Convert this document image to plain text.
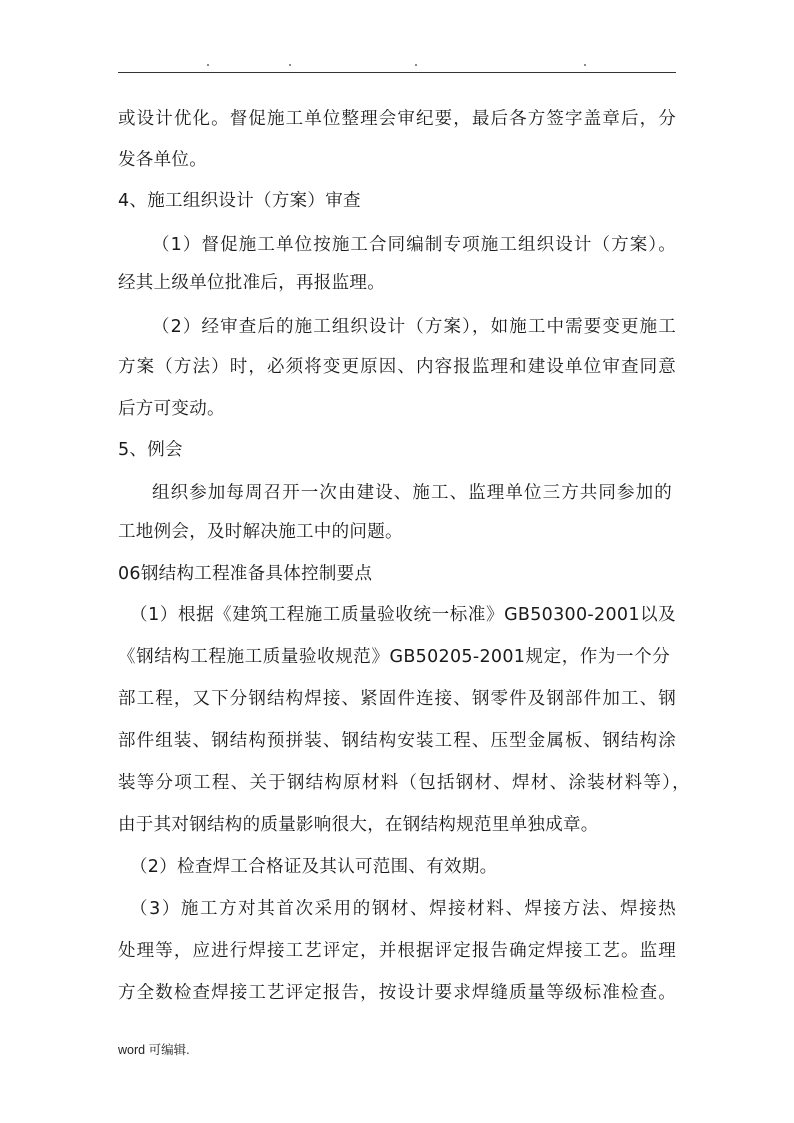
或设计优化。督促施工单位整理会审纪要，最后各方签字盖章后，分
发各单位。
4、施工组织设计（方案）审查
（1）督促施工单位按施工合同编制专项施工组织设计（方案）。
经其上级单位批准后，再报监理。
（2）经审查后的施工组织设计（方案），如施工中需要变更施工
方案（方法）时，必须将变更原因、内容报监理和建设单位审查同意
后方可变动。
5、例会
组织参加每周召开一次由建设、施工、监理单位三方共同参加的
工地例会，及时解决施工中的问题。
06钢结构工程准备具体控制要点
（1）根据《建筑工程施工质量验收统一标准》GB50300-2001以及
《钢结构工程施工质量验收规范》GB50205-2001规定，作为一个分
部工程，又下分钢结构焊接、紧固件连接、钢零件及钢部件加工、钢
部件组装、钢结构预拼装、钢结构安装工程、压型金属板、钢结构涂
装等分项工程、关于钢结构原材料（包括钢材、焊材、涂装材料等），
由于其对钢结构的质量影响很大，在钢结构规范里单独成章。
（2）检查焊工合格证及其认可范围、有效期。
（3）施工方对其首次采用的钢材、焊接材料、焊接方法、焊接热
处理等，应进行焊接工艺评定，并根据评定报告确定焊接工艺。监理
方全数检查焊接工艺评定报告，按设计要求焊缝质量等级标准检查。
word 可编辑.
